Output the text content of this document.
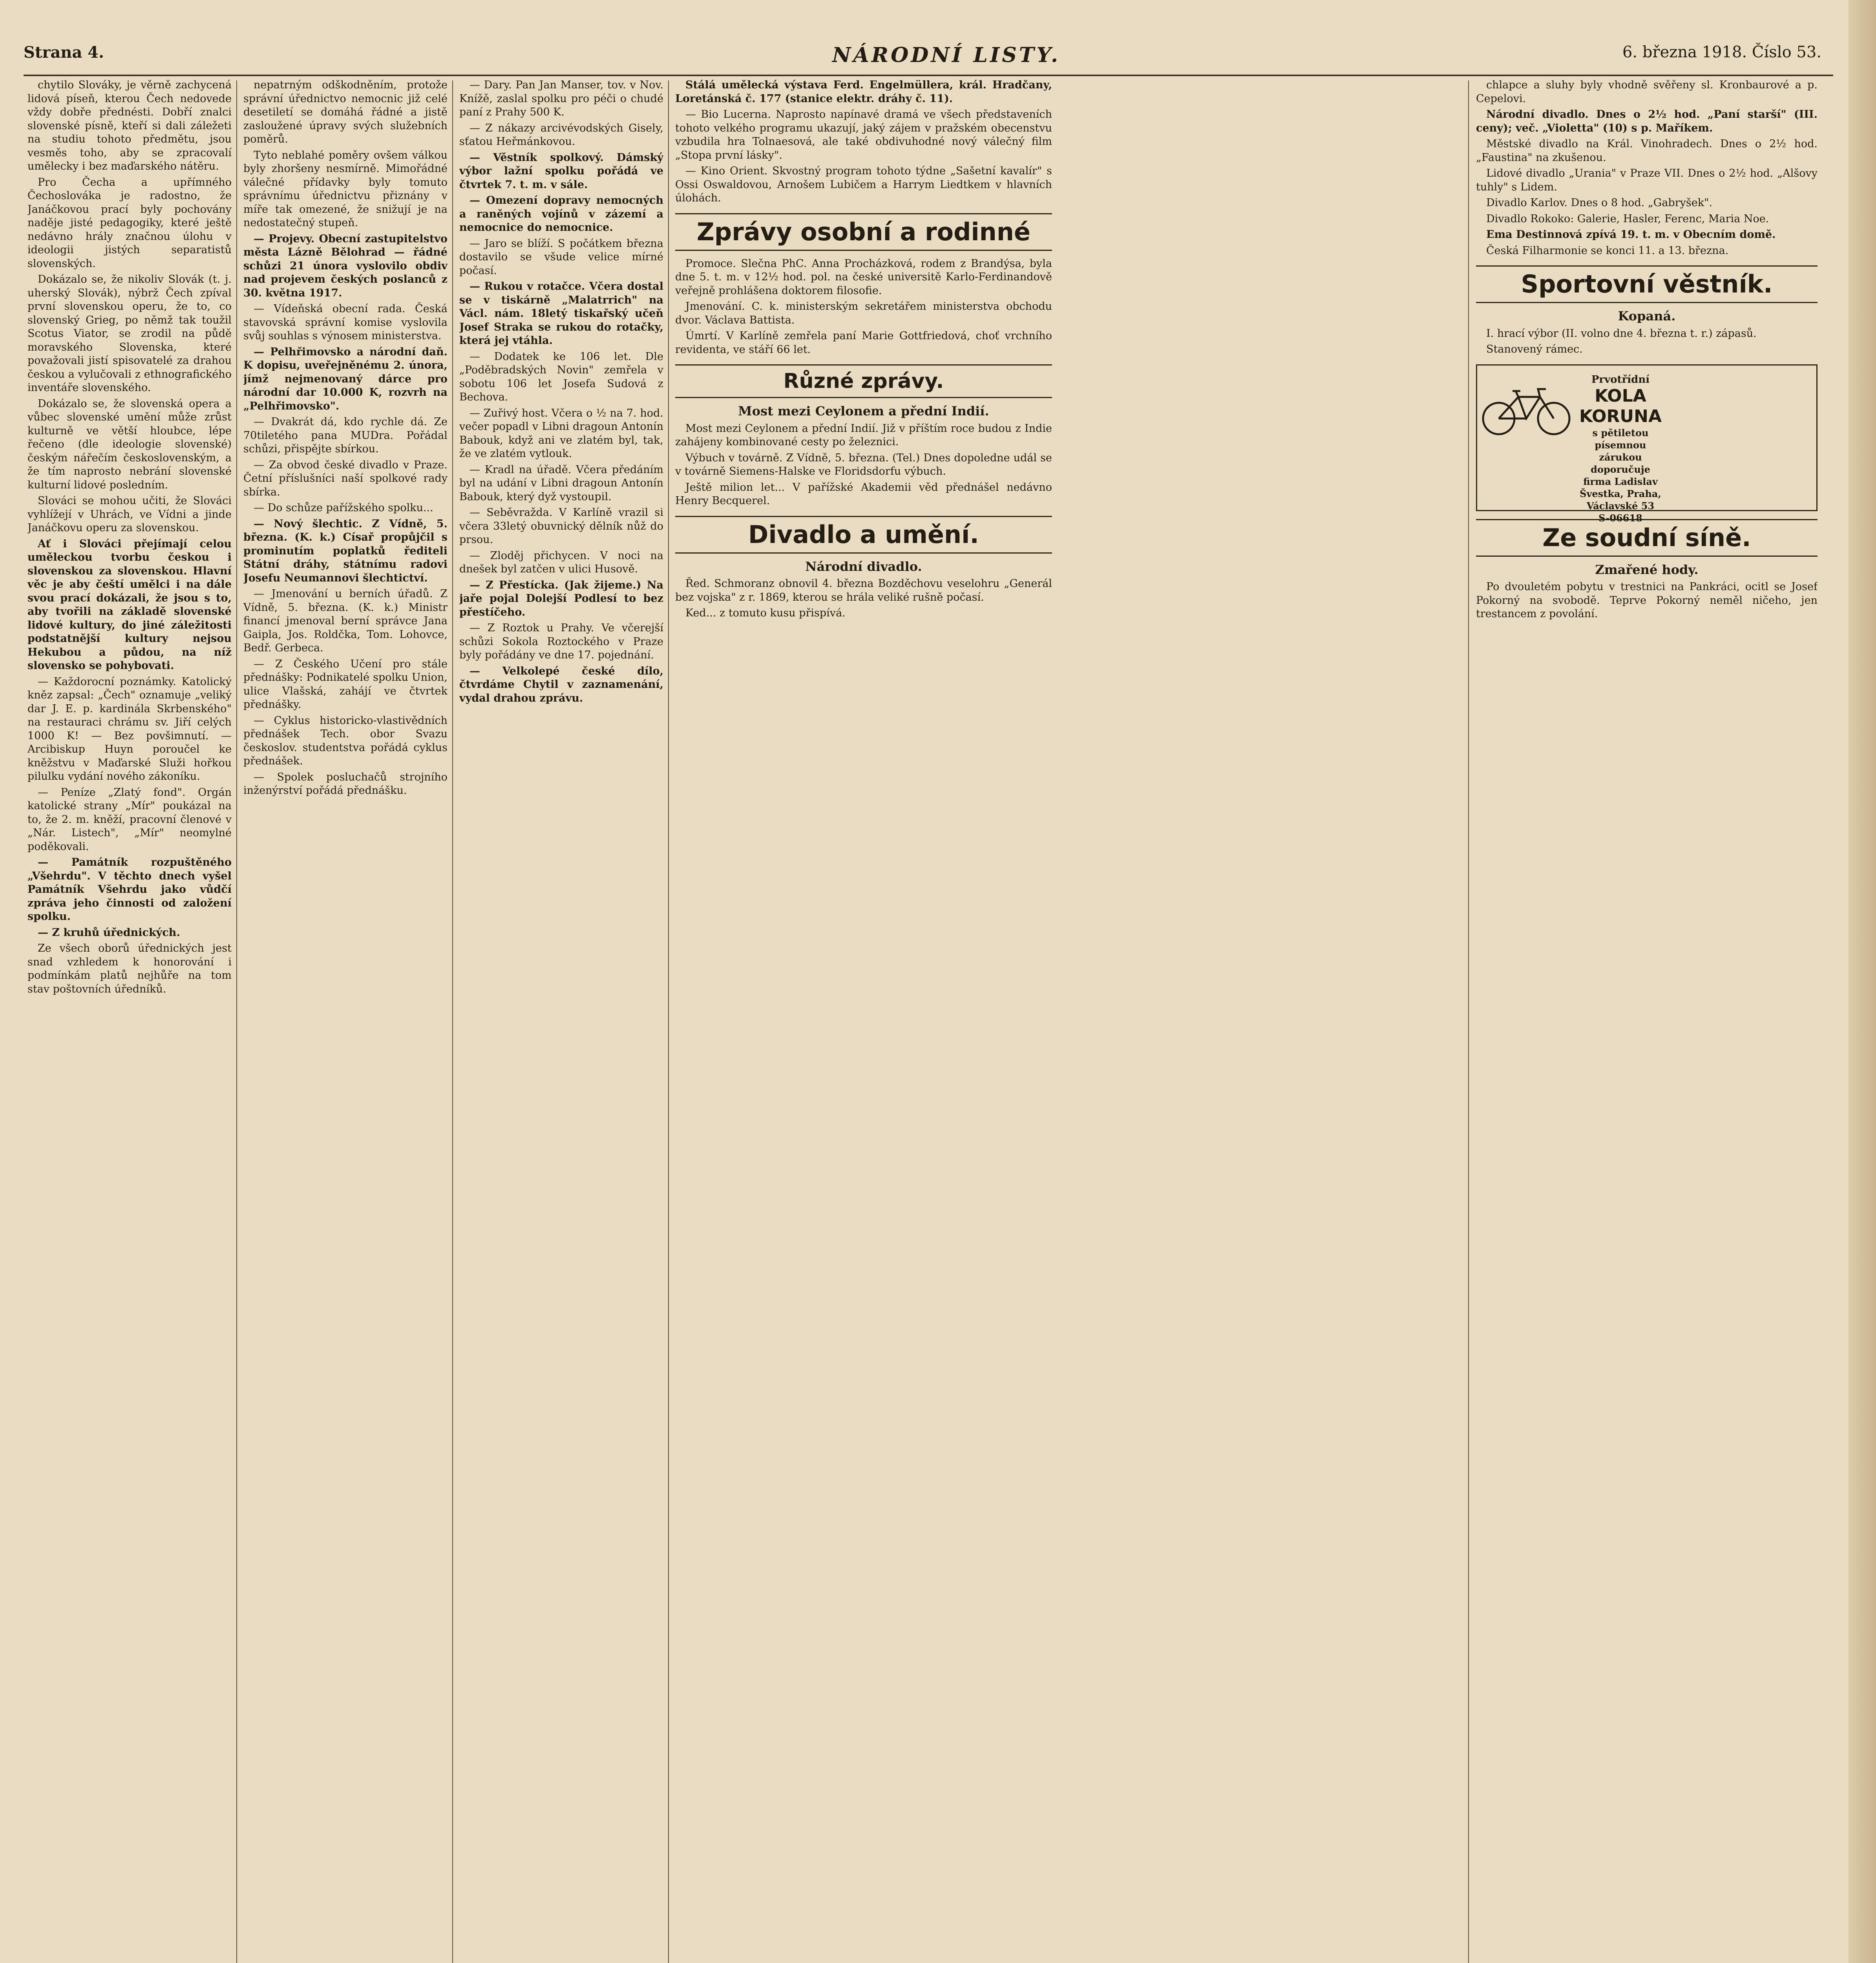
Strana 4.	NÁRODNÍ LISTY.	6. března 1918. Číslo 53.

chytilo Slováky, je věrně zachycená lidová píseň, kterou Čech nedovede vždy dobře přednésti. Dobří znalci slovenské písně, kteří si dali záležeti na studiu tohoto předmětu, jsou vesměs toho, aby se zpracovalí umělecky i bez maďarského nátěru.

Pro Čecha a upřímného Čechoslováka je radostno, že Janáčkovou prací byly pochovány naděje jisté pedagogiky, které ještě nedávno hrály značnou úlohu v ideologii jistých separatistů slovenských.

Dokázalo se, že nikoliv Slovák (t. j. uherský Slovák), nýbrž Čech zpíval první slovenskou operu, že to, co slovenský Grieg, po němž tak toužil Scotus Viator, se zrodil na půdě moravského Slovenska, které považovali jistí spisovatelé za drahou českou a vylučovali z ethnografického inventáře slovenského.

Dokázalo se, že slovenská opera a vůbec slovenské umění může zrůst kulturně ve větší hloubce, lépe řečeno (dle ideologie slovenské) českým nářečím československým, a že tím naprosto nebrání slovenské kulturní lidové posledním.

Slováci se mohou učiti, že Slováci vyhlížejí v Uhrách, ve Vídni a jinde Janáčkovu operu za slovenskou.

Ať i Slováci přejímají celou uměleckou tvorbu českou i slovenskou za slovenskou. Hlavní věc je aby čeští umělci i na dále svou prací dokázali, že jsou s to, aby tvořili na základě slovenské lidové kultury, do jiné záležitosti podstatnější kultury nejsou Hekubou a půdou, na níž slovensko se pohybovati.

— Každorocní poznámky. Katolický kněz zapsal: „Čech" oznamuje „veliký dar J. E. p. kardinála Skrbenského" na restauraci chrámu sv. Jiří celých 1000 K! — Bez povšimnutí. — Arcibiskup Huyn poroučel ke kněžstvu v Maďarské Služi hořkou pilulku vydání nového zákoníku.

— Peníze „Zlatý fond". Orgán katolické strany „Mír" poukázal na to, že 2. m. kněží, pracovní členové v „Nár. Listech", „Mír" neomylné poděkovali.

— Památník rozpuštěného „Všehrdu". V těchto dnech vyšel Památník Všehrdu jako vůdčí zpráva jeho činnosti od založení spolku.

— Z kruhů úřednických.

Ze všech oborů úřednických jest snad vzhledem k honorování i podmínkám platů nejhůře na tom stav poštovních úředníků.

nepatrným odškodněním, protože správní úřednictvo nemocnic již celé desetiletí se domáhá řádné a jistě zasloužené úpravy svých služebních poměrů.

Tyto neblahé poměry ovšem válkou byly zhoršeny nesmírně. Mimořádné válečné přídavky byly tomuto správnímu úřednictvu přiznány v míře tak omezené, že snižují je na nedostatečný stupeň.

— Projevy. Obecní zastupitelstvo města Lázně Bělohrad — řádné schůzi 21 února vyslovilo obdiv nad projevem českých poslanců z 30. května 1917.

— Vídeňská obecní rada. Česká stavovská správní komise vyslovila svůj souhlas s výnosem ministerstva.

— Pelhřimovsko a národní daň. K dopisu, uveřejněnému 2. února, jímž nejmenovaný dárce pro národní dar 10.000 K, rozvrh na „Pelhřimovsko".

— Dvakrát dá, kdo rychle dá. Ze 70tiletého pana MUDra. Pořádal schůzi, přispějte sbírkou.

— Za obvod české divadlo v Praze. Četní příslušníci naší spolkové rady sbírka.

— Do schůze pařížského spolku...

— Nový šlechtic. Z Vídně, 5. března. (K. k.) Císař propůjčil s prominutím poplatků řediteli Státní dráhy, státnímu radovi Josefu Neumannovi šlechtictví.

— Jmenování u berních úřadů. Z Vídně, 5. března. (K. k.) Ministr financí jmenoval berní správce Jana Gaipla, Jos. Roldčka, Tom. Lohovce, Bedř. Gerbeca.

— Z Českého Učení pro stále přednášky: Podnikatelé spolku Union, ulice Vlašská, zahájí ve čtvrtek přednášky.

— Cyklus historicko-vlastivědních přednášek Tech. obor Svazu českoslov. studentstva pořádá cyklus přednášek.

— Spolek posluchačů strojního inženýrství pořádá přednášku.

— Dary. Pan Jan Manser, tov. v Nov. Knížě, zaslal spolku pro péči o chudé paní z Prahy 500 K.

— Z nákazy arcivévodských Gisely, sťatou Heřmánkovou.

— Věstník spolkový. Dámský výbor lažní spolku pořádá ve čtvrtek 7. t. m. v sále.

— Omezení dopravy nemocných a raněných vojínů v zázemí a nemocnice do nemocnice.

— Jaro se blíží. S počátkem března dostavilo se všude velice mírné počasí.

— Rukou v rotačce. Včera dostal se v tiskárně „Malatrrich" na Václ. nám. 18letý tiskařský učeň Josef Straka se rukou do rotačky, která jej vtáhla.

— Dodatek ke 106 let. Dle „Poděbradských Novin" zemřela v sobotu 106 let Josefa Sudová z Bechova.

— Zuřivý host. Včera o ½ na 7. hod. večer popadl v Libni dragoun Antonín Babouk, když ani ve zlatém byl, tak, že ve zlatém vytlouk.

— Kradl na úřadě. Včera předáním byl na udání v Libni dragoun Antonín Babouk, který dyž vystoupil.

— Seběvražda. V Karlíně vrazil si včera 33letý obuvnický dělník nůž do prsou.

— Zloděj přichycen. V noci na dnešek byl zatčen v ulici Husově.

— Z Přestícka. (Jak žijeme.) Na jaře pojal Dolejší Podlesí to bez přestíčeho.

— Z Roztok u Prahy. Ve včerejší schůzi Sokola Roztockého v Praze byly pořádány ve dne 17. pojednání.

— Velkolepé české dílo, čtvrdáme Chytil v zaznamenání, vydal drahou zprávu.

Stálá umělecká výstava Ferd. Engelmüllera, král. Hradčany, Loretánská č. 177 (stanice elektr. dráhy č. 11).

— Bio Lucerna. Naprosto napínavé dramá ve všech představeních tohoto velkého programu ukazují, jaký zájem v pražském obecenstvu vzbudila hra Tolnaesová, ale také obdivuhodné nový válečný film „Stopa první lásky".

— Kino Orient. Skvostný program tohoto týdne „Sašetní kavalír" s Ossi Oswaldovou, Arnošem Lubičem a Harrym Liedtkem v hlavních úlohách.

Zprávy osobní a rodinné

Promoce. Slečna PhC. Anna Procházková, rodem z Brandýsa, byla dne 5. t. m. v 12½ hod. pol. na české universitě Karlo-Ferdinandově veřejně prohlášena doktorem filosofie.

Jmenování. C. k. ministerským sekretářem ministerstva obchodu dvor. Václava Battista.

Úmrtí. V Karlíně zemřela paní Marie Gottfriedová, choť vrchního revidenta, ve stáří 66 let.

Různé zprávy.
Most mezi Ceylonem a přední Indií.

Most mezi Ceylonem a přední Indií. Již v příštím roce budou z Indie zahájeny kombinované cesty po železnici.

Výbuch v továrně. Z Vídně, 5. března. (Tel.) Dnes dopoledne udál se v továrně Siemens-Halske ve Floridsdorfu výbuch.

Ještě milion let... V pařížské Akademii věd přednášel nedávno Henry Becquerel.

Divadlo a umění.
Národní divadlo.

Řed. Schmoranz obnovil 4. března Bozděchovu veselohru „Generál bez vojska" z r. 1869, kterou se hrála veliké rušně počasí.

Ked... z tomuto kusu přispívá.

chlapce a sluhy byly vhodně svěřeny sl. Kronbaurové a p. Cepelovi.

Národní divadlo. Dnes o 2½ hod. „Paní starší" (III. ceny); več. „Violetta" (10) s p. Maříkem.

Městské divadlo na Král. Vinohradech. Dnes o 2½ hod. „Faustina" na zkušenou.

Lidové divadlo „Urania" v Praze VII. Dnes o 2½ hod. „Alšovy tuhly" s Lidem.

Divadlo Karlov. Dnes o 8 hod. „Gabryšek".

Divadlo Rokoko: Galerie, Hasler, Ferenc, Maria Noe.

Ema Destinnová zpívá 19. t. m. v Obecním domě.

Česká Filharmonie se konci 11. a 13. března.

Sportovní věstník.
Kopaná.

I. hrací výbor (II. volno dne 4. března t. r.) zápasů.

Stanovený rámec.

Prvotřídní
KOLA KORUNA
s pětiletou písemnou zárukou doporučuje firma Ladislav Švestka, Praha, Václavské 53
S-06618
Ze soudní síně.
Zmařené hody.

Po dvouletém pobytu v trestnici na Pankráci, ocitl se Josef Pokorný na svobodě. Teprve Pokorný neměl ničeho, jen trestancem z povolání.
